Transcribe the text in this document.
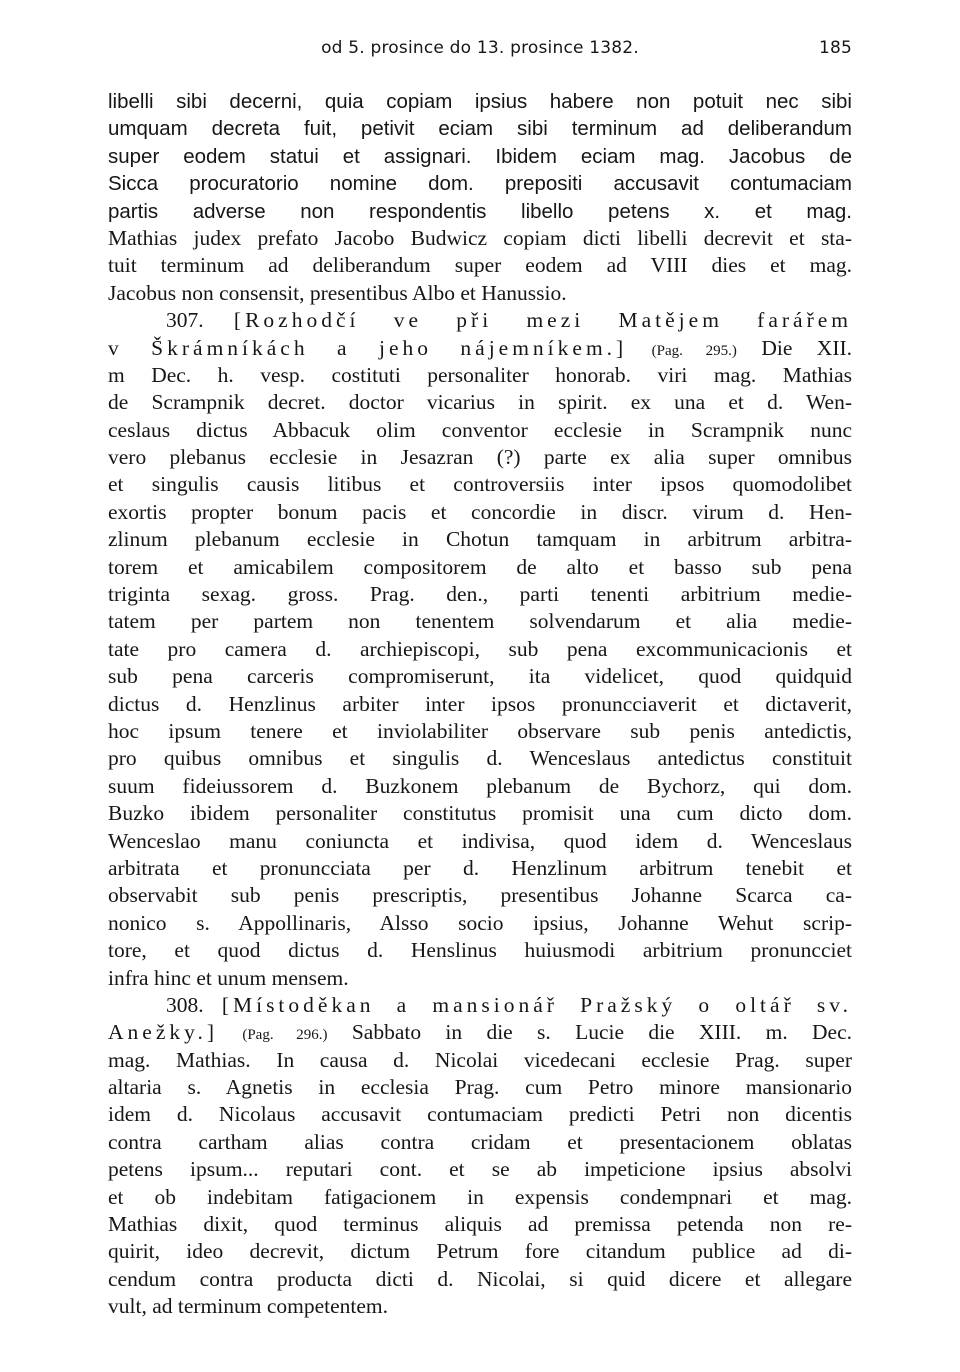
od 5. prosince do 13. prosince 1382.	185
libelli sibi decerni, quia copiam ipsius habere non potuit nec sibi
umquam decreta fuit, petivit eciam sibi terminum ad deliberandum
super eodem statui et assignari. Ibidem eciam mag. Jacobus de
Sicca procuratorio nomine dom. prepositi accusavit contumaciam
partis adverse non respondentis libello petens x. et mag.
Mathias judex prefato Jacobo Budwicz copiam dicti libelli decrevit et sta-
tuit terminum ad deliberandum super eodem ad VIII dies et mag.
Jacobus non consensit, presentibus Albo et Hanussio.
307. [Rozhodčí ve při mezi Matějem farářem
v Škrámníkách a jeho nájemníkem.] (Pag. 295.) Die XII.
m Dec. h. vesp. costituti personaliter honorab. viri mag. Mathias
de Scrampnik decret. doctor vicarius in spirit. ex una et d. Wen-
ceslaus dictus Abbacuk olim conventor ecclesie in Scrampnik nunc
vero plebanus ecclesie in Jesazran (?) parte ex alia super omnibus
et singulis causis litibus et controversiis inter ipsos quomodolibet
exortis propter bonum pacis et concordie in discr. virum d. Hen-
zlinum plebanum ecclesie in Chotun tamquam in arbitrum arbitra-
torem et amicabilem compositorem de alto et basso sub pena
triginta sexag. gross. Prag. den., parti tenenti arbitrium medie-
tatem per partem non tenentem solvendarum et alia medie-
tate pro camera d. archiepiscopi, sub pena excommunicacionis et
sub pena carceris compromiserunt, ita videlicet, quod quidquid
dictus d. Henzlinus arbiter inter ipsos pronuncciaverit et dictaverit,
hoc ipsum tenere et inviolabiliter observare sub penis antedictis,
pro quibus omnibus et singulis d. Wenceslaus antedictus constituit
suum fideiussorem d. Buzkonem plebanum de Bychorz, qui dom.
Buzko ibidem personaliter constitutus promisit una cum dicto dom.
Wenceslao manu coniuncta et indivisa, quod idem d. Wenceslaus
arbitrata et pronuncciata per d. Henzlinum arbitrum tenebit et
observabit sub penis prescriptis, presentibus Johanne Scarca ca-
nonico s. Appollinaris, Alsso socio ipsius, Johanne Wehut scrip-
tore, et quod dictus d. Henslinus huiusmodi arbitrium pronuncciet
infra hinc et unum mensem.
308. [Místoděkan a mansionář Pražský o oltář sv.
Anežky.] (Pag. 296.) Sabbato in die s. Lucie die XIII. m. Dec.
mag. Mathias. In causa d. Nicolai vicedecani ecclesie Prag. super
altaria s. Agnetis in ecclesia Prag. cum Petro minore mansionario
idem d. Nicolaus accusavit contumaciam predicti Petri non dicentis
contra cartham alias contra cridam et presentacionem oblatas
petens ipsum... reputari cont. et se ab impeticione ipsius absolvi
et ob indebitam fatigacionem in expensis condempnari et mag.
Mathias dixit, quod terminus aliquis ad premissa petenda non re-
quirit, ideo decrevit, dictum Petrum fore citandum publice ad di-
cendum contra producta dicti d. Nicolai, si quid dicere et allegare
vult, ad terminum competentem.
